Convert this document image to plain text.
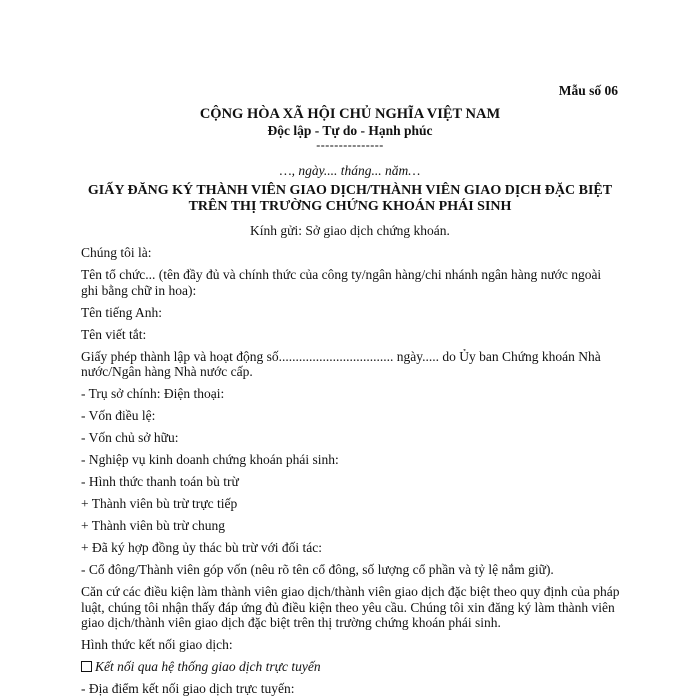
Mẫu số 06
CỘNG HÒA XÃ HỘI CHỦ NGHĨA VIỆT NAM
Độc lập - Tự do - Hạnh phúc
---------------
…, ngày.... tháng... năm…
GIẤY ĐĂNG KÝ THÀNH VIÊN GIAO DỊCH/THÀNH VIÊN GIAO DỊCH ĐẶC BIỆT
TRÊN THỊ TRƯỜNG CHỨNG KHOÁN PHÁI SINH
Kính gửi: Sở giao dịch chứng khoán.

Chúng tôi là:

Tên tổ chức... (tên đầy đủ và chính thức của công ty/ngân hàng/chi nhánh ngân hàng nước ngoài ghi bằng chữ in hoa):

Tên tiếng Anh:

Tên viết tắt:

Giấy phép thành lập và hoạt động số.................................. ngày..... do Ủy ban Chứng khoán Nhà nước/Ngân hàng Nhà nước cấp.

- Trụ sở chính: Điện thoại:

- Vốn điều lệ:

- Vốn chủ sở hữu:

- Nghiệp vụ kinh doanh chứng khoán phái sinh:

- Hình thức thanh toán bù trừ

+ Thành viên bù trừ trực tiếp

+ Thành viên bù trừ chung

+ Đã ký hợp đồng ủy thác bù trừ với đối tác:

- Cổ đông/Thành viên góp vốn (nêu rõ tên cổ đông, số lượng cổ phần và tỷ lệ nắm giữ).

Căn cứ các điều kiện làm thành viên giao dịch/thành viên giao dịch đặc biệt theo quy định của pháp luật, chúng tôi nhận thấy đáp ứng đủ điều kiện theo yêu cầu. Chúng tôi xin đăng ký làm thành viên giao dịch/thành viên giao dịch đặc biệt trên thị trường chứng khoán phái sinh.

Hình thức kết nối giao dịch:

Kết nối qua hệ thống giao dịch trực tuyến

- Địa điểm kết nối giao dịch trực tuyến:
